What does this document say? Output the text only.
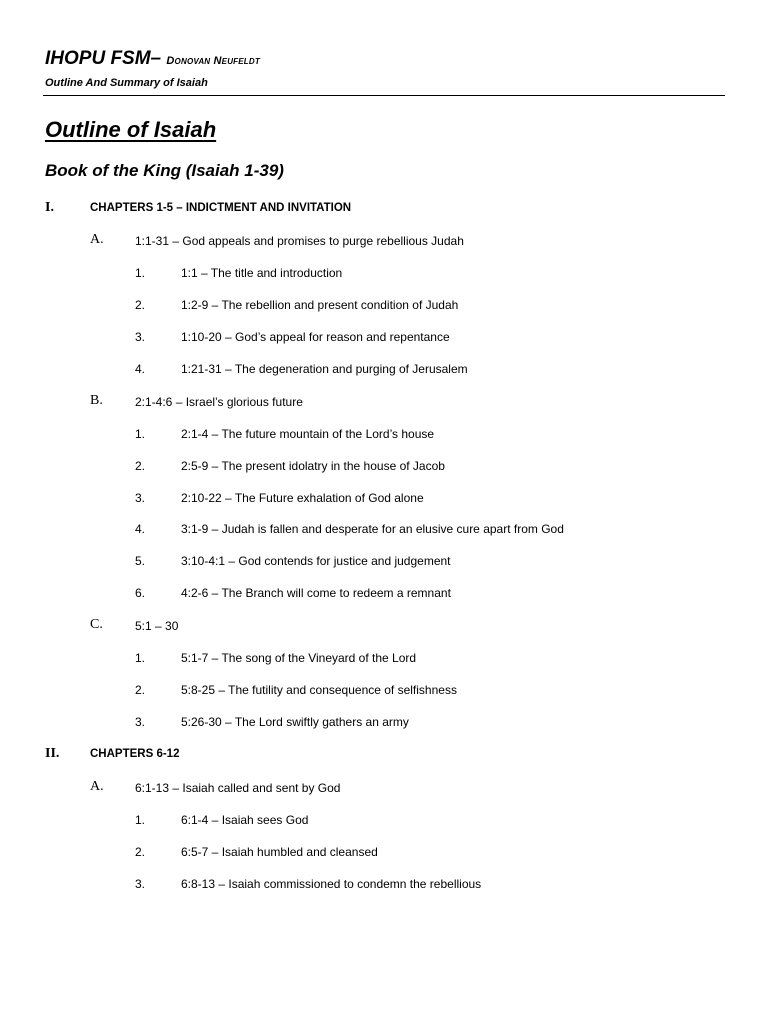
IHOPU FSM– Donovan Neufeldt
Outline And Summary of Isaiah
Outline of Isaiah
Book of the King (Isaiah 1-39)
I.	CHAPTERS 1-5 – INDICTMENT AND INVITATION
A.	1:1-31 – God appeals and promises to purge rebellious Judah
1.	1:1 – The title and introduction
2.	1:2-9 – The rebellion and present condition of Judah
3.	1:10-20 – God’s appeal for reason and repentance
4.	1:21-31 – The degeneration and purging of Jerusalem
B.	2:1-4:6 – Israel’s glorious future
1.	2:1-4 – The future mountain of the Lord’s house
2.	2:5-9 – The present idolatry in the house of Jacob
3.	2:10-22 – The Future exhalation of God alone
4.	3:1-9 – Judah is fallen and desperate for an elusive cure apart from God
5.	3:10-4:1 – God contends for justice and judgement
6.	4:2-6 – The Branch will come to redeem a remnant
C.	5:1 – 30
1.	5:1-7 – The song of the Vineyard of the Lord
2.	5:8-25 – The futility and consequence of selfishness
3.	5:26-30 – The Lord swiftly gathers an army
II.	CHAPTERS 6-12
A.	6:1-13 – Isaiah called and sent by God
1.	6:1-4 – Isaiah sees God
2.	6:5-7 – Isaiah humbled and cleansed
3.	6:8-13 – Isaiah commissioned to condemn the rebellious
